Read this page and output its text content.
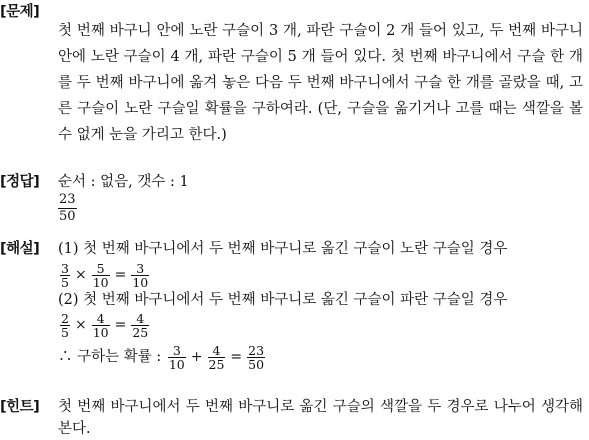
[문제]
첫 번째 바구니 안에 노란 구슬이 3 개, 파란 구슬이 2 개 들어 있고, 두 번째 바구니 안에 노란 구슬이 4 개, 파란 구슬이 5 개 들어 있다. 첫 번째 바구니에서 구슬 한 개를 두 번째 바구니에 옮겨 놓은 다음 두 번째 바구니에서 구슬 한 개를 골랐을 때, 고른 구슬이 노란 구슬일 확률을 구하여라. (단, 구슬을 옮기거나 고를 때는 색깔을 볼 수 없게 눈을 가리고 한다.)
[정답] 순서 : 없음, 갯수 : 1
$\frac{23}{50}$
[해설] (1) 첫 번째 바구니에서 두 번째 바구니로 옮긴 구슬이 노란 구슬일 경우
$\frac{3}{5} \times \frac{5}{10} = \frac{3}{10}$
(2) 첫 번째 바구니에서 두 번째 바구니로 옮긴 구슬이 파란 구슬일 경우
$\frac{2}{5} \times \frac{4}{10} = \frac{4}{25}$
∴ 구하는 확률 : $\frac{3}{10} + \frac{4}{25} = \frac{23}{50}$
[힌트] 첫 번째 바구니에서 두 번째 바구니로 옮긴 구슬의 색깔을 두 경우로 나누어 생각해 본다.
